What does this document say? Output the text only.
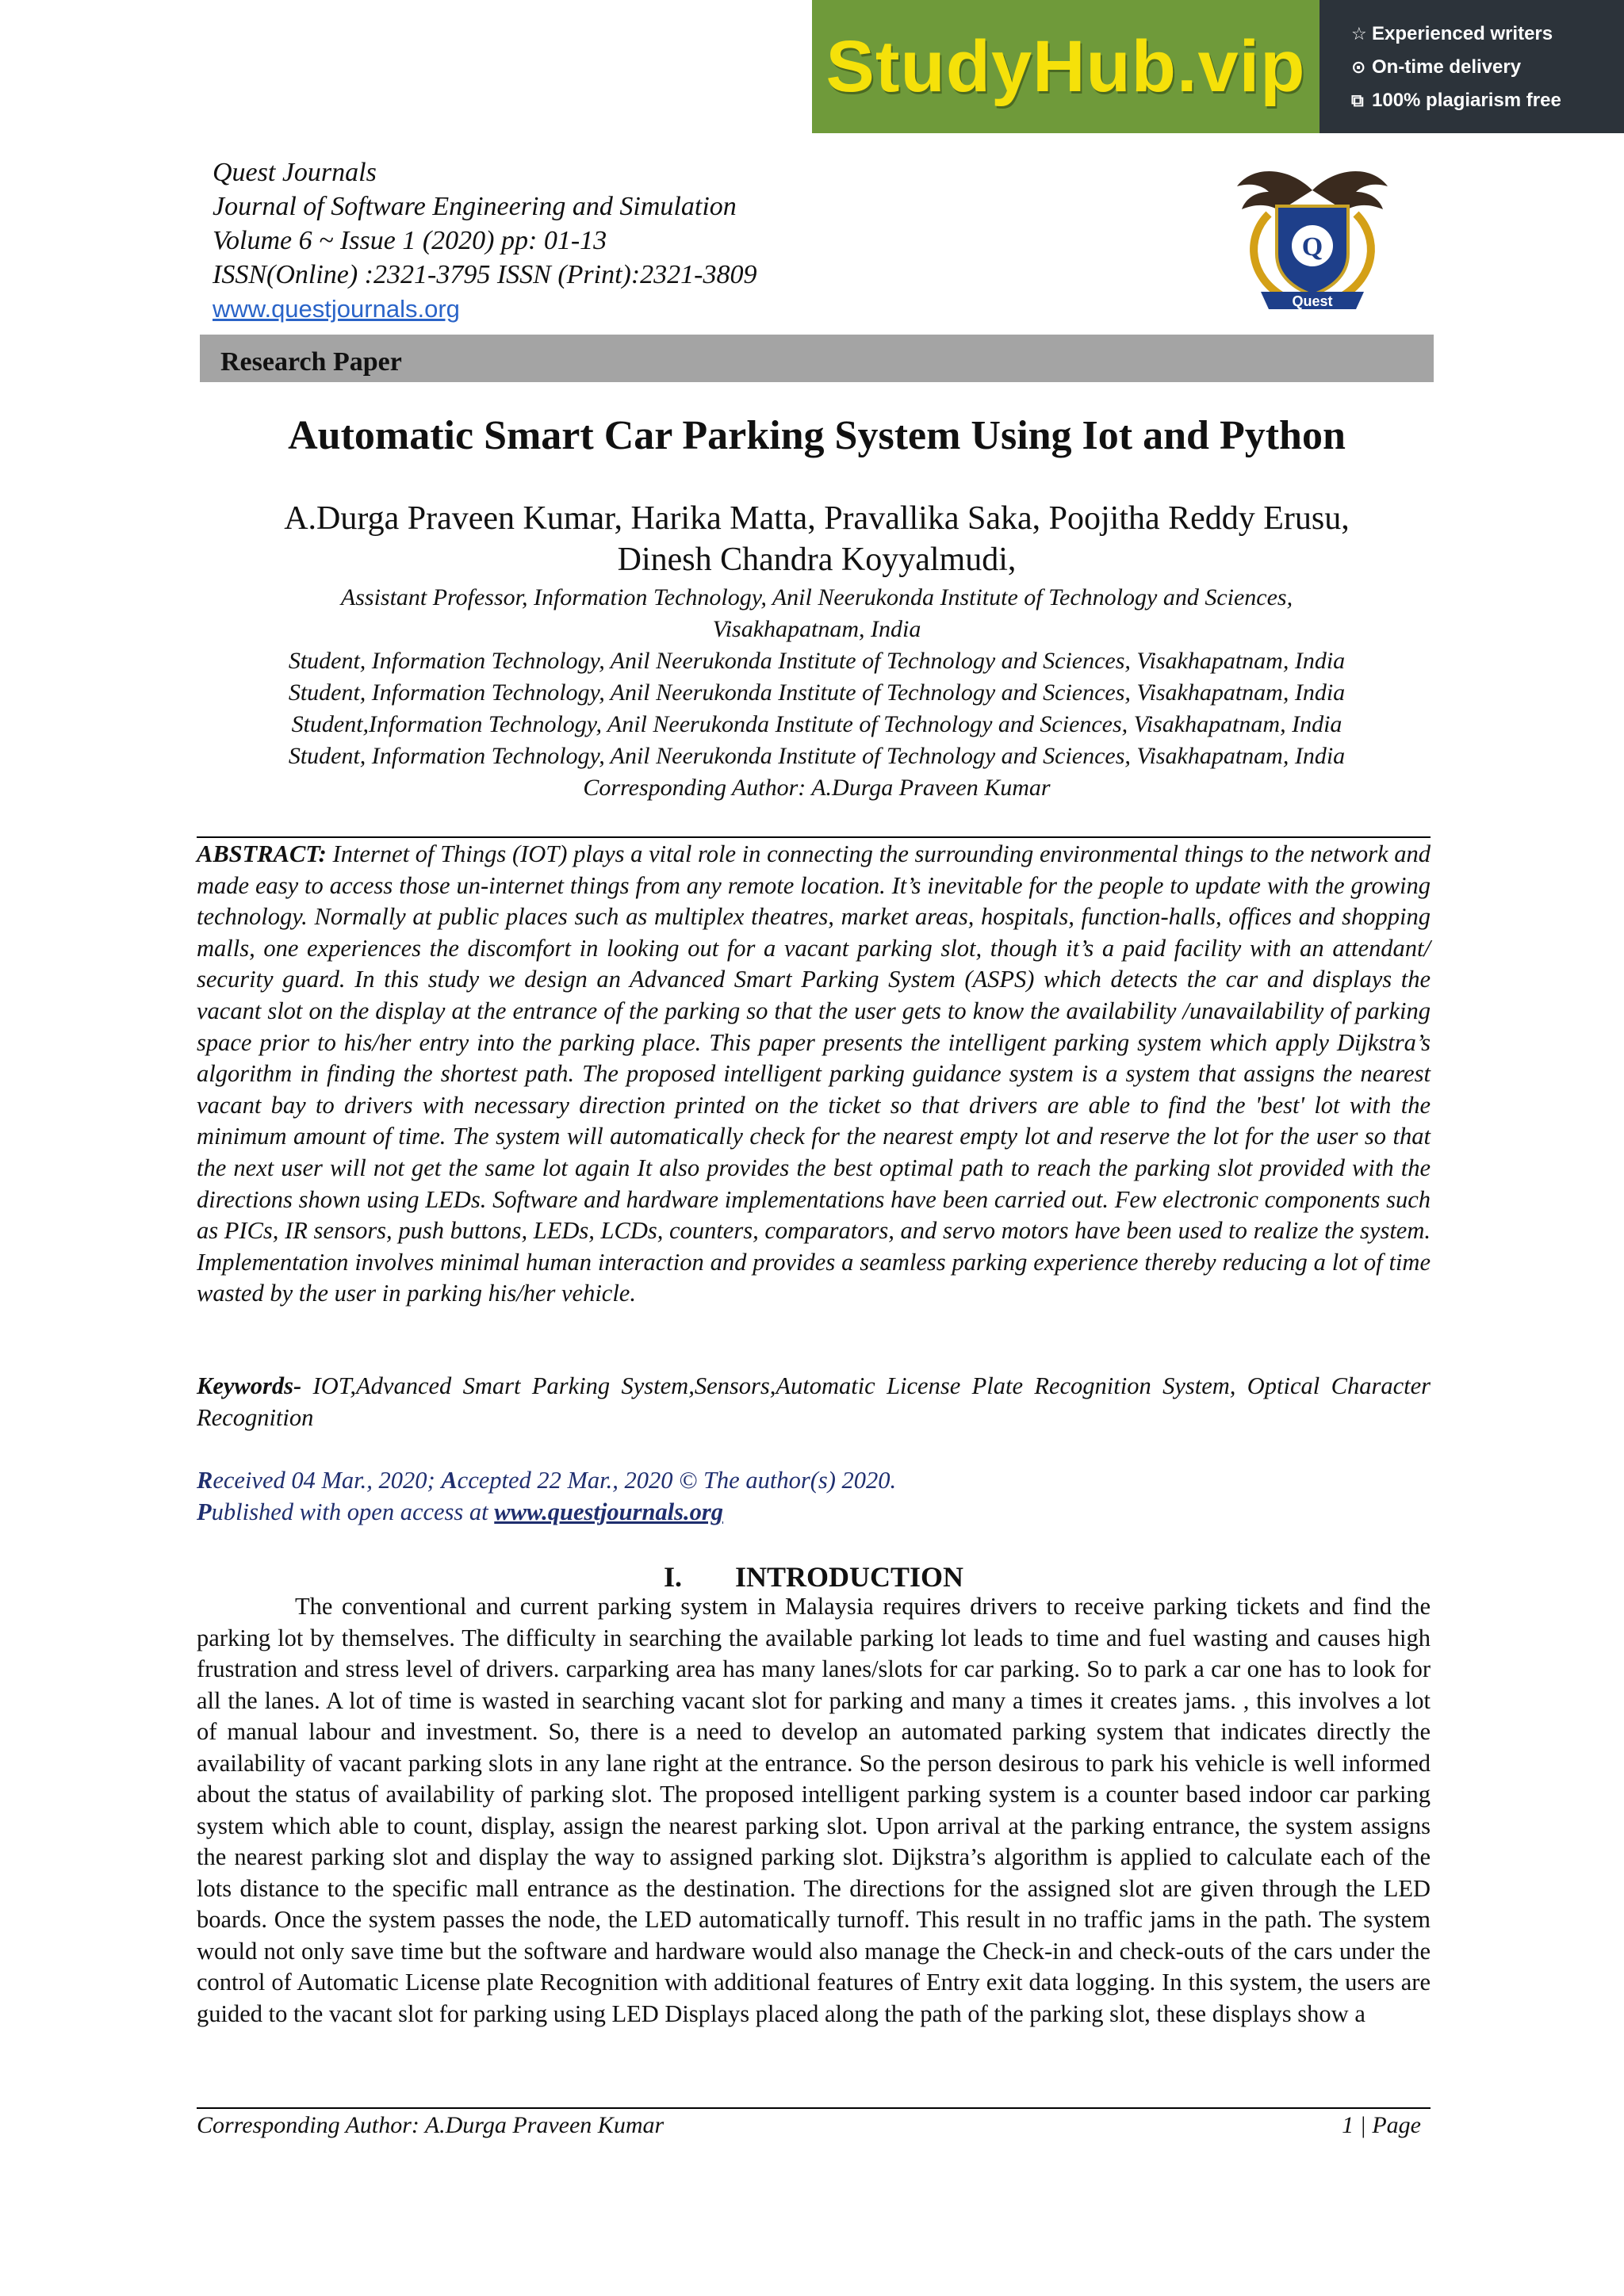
StudyHub.vip	☆ Experienced writers
⊙ On-time delivery
⧉ 100% plagiarism free
Quest Journals
Journal of Software Engineering and Simulation
Volume 6 ~ Issue 1 (2020) pp: 01-13
ISSN(Online) :2321-3795 ISSN (Print):2321-3809
www.questjournals.org
Q
Quest
Research Paper
Automatic Smart Car Parking System Using Iot and Python
A.Durga Praveen Kumar, Harika Matta, Pravallika Saka, Poojitha Reddy Erusu,
Dinesh Chandra Koyyalmudi,
Assistant Professor, Information Technology, Anil Neerukonda Institute of Technology and Sciences,
Visakhapatnam, India
Student, Information Technology, Anil Neerukonda Institute of Technology and Sciences, Visakhapatnam, India
Student, Information Technology, Anil Neerukonda Institute of Technology and Sciences, Visakhapatnam, India
Student,Information Technology, Anil Neerukonda Institute of Technology and Sciences, Visakhapatnam, India
Student, Information Technology, Anil Neerukonda Institute of Technology and Sciences, Visakhapatnam, India
Corresponding Author: A.Durga Praveen Kumar
ABSTRACT: Internet of Things (IOT) plays a vital role in connecting the surrounding environmental things to the network and made easy to access those un-internet things from any remote location. It’s inevitable for the people to update with the growing technology. Normally at public places such as multiplex theatres, market areas, hospitals, function-halls, offices and shopping malls, one experiences the discomfort in looking out for a vacant parking slot, though it’s a paid facility with an attendant/ security guard. In this study we design an Advanced Smart Parking System (ASPS) which detects the car and displays the vacant slot on the display at the entrance of the parking so that the user gets to know the availability /unavailability of parking space prior to his/her entry into the parking place. This paper presents the intelligent parking system which apply Dijkstra’s algorithm in finding the shortest path. The proposed intelligent parking guidance system is a system that assigns the nearest vacant bay to drivers with necessary direction printed on the ticket so that drivers are able to find the 'best' lot with the minimum amount of time. The system will automatically check for the nearest empty lot and reserve the lot for the user so that the next user will not get the same lot again It also provides the best optimal path to reach the parking slot provided with the directions shown using LEDs. Software and hardware implementations have been carried out. Few electronic components such as PICs, IR sensors, push buttons, LEDs, LCDs, counters, comparators, and servo motors have been used to realize the system. Implementation involves minimal human interaction and provides a seamless parking experience thereby reducing a lot of time wasted by the user in parking his/her vehicle.
Keywords- IOT,Advanced Smart Parking System,Sensors,Automatic License Plate Recognition System, Optical Character Recognition
Received 04 Mar., 2020; Accepted 22 Mar., 2020 © The author(s) 2020.
Published with open access at www.questjournals.org
I. INTRODUCTION
The conventional and current parking system in Malaysia requires drivers to receive parking tickets and find the parking lot by themselves. The difficulty in searching the available parking lot leads to time and fuel wasting and causes high frustration and stress level of drivers. carparking area has many lanes/slots for car parking. So to park a car one has to look for all the lanes. A lot of time is wasted in searching vacant slot for parking and many a times it creates jams. , this involves a lot of manual labour and investment. So, there is a need to develop an automated parking system that indicates directly the availability of vacant parking slots in any lane right at the entrance. So the person desirous to park his vehicle is well informed about the status of availability of parking slot. The proposed intelligent parking system is a counter based indoor car parking system which able to count, display, assign the nearest parking slot. Upon arrival at the parking entrance, the system assigns the nearest parking slot and display the way to assigned parking slot. Dijkstra’s algorithm is applied to calculate each of the lots distance to the specific mall entrance as the destination. The directions for the assigned slot are given through the LED boards. Once the system passes the node, the LED automatically turnoff. This result in no traffic jams in the path. The system would not only save time but the software and hardware would also manage the Check-in and check-outs of the cars under the control of Automatic License plate Recognition with additional features of Entry exit data logging. In this system, the users are guided to the vacant slot for parking using LED Displays placed along the path of the parking slot, these displays show a
Corresponding Author: A.Durga Praveen Kumar	1 | Page
